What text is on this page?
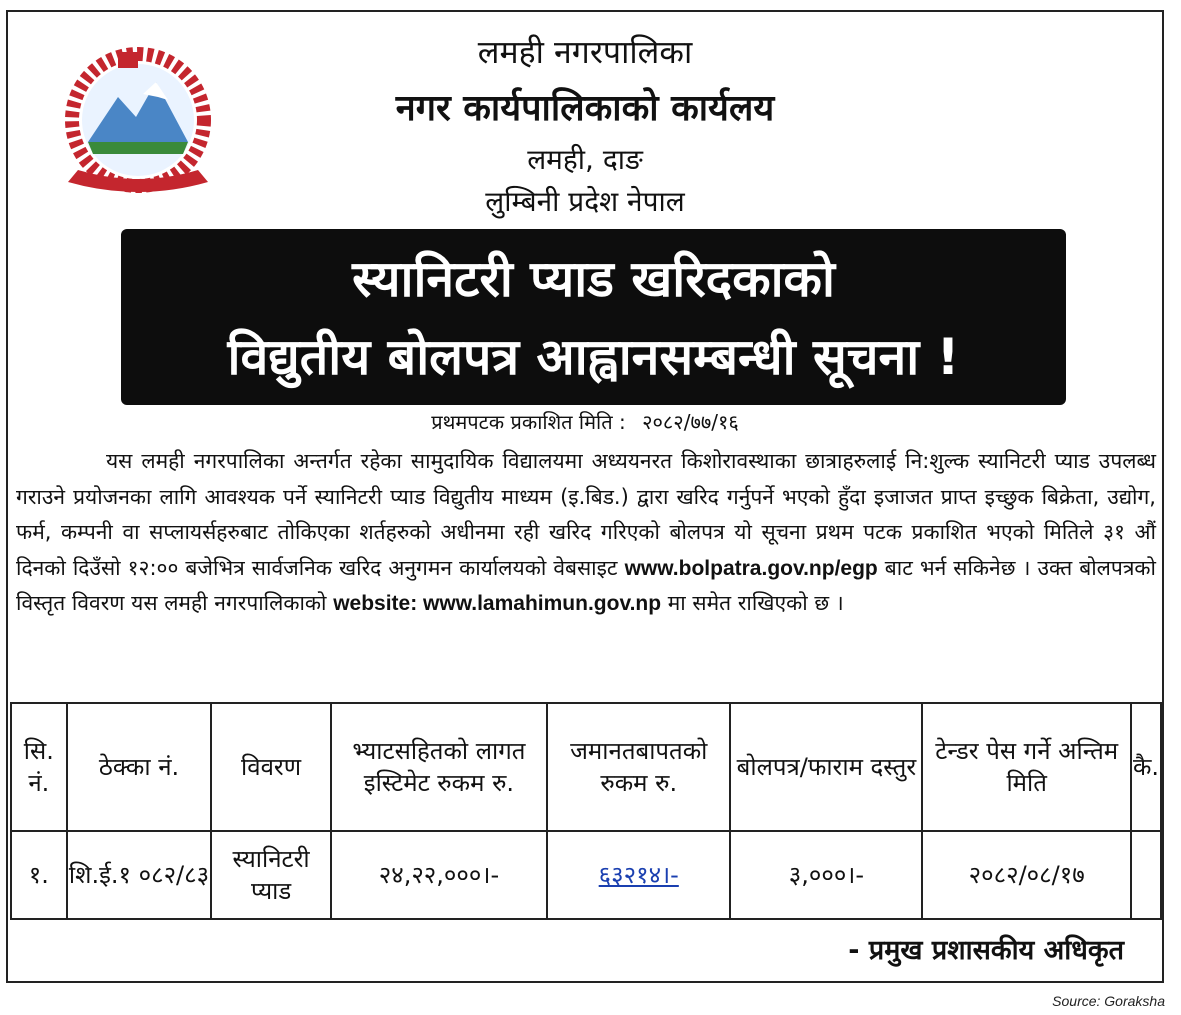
लमही नगरपालिका
नगर कार्यपालिकाको कार्यलय
लमही, दाङ
लुम्बिनी प्रदेश नेपाल
स्यानिटरी प्याड खरिदकाको
विद्युतीय बोलपत्र आह्वानसम्बन्धी सूचना !
प्रथमपटक प्रकाशित मिति : २०८२/७७/१६
यस लमही नगरपालिका अन्तर्गत रहेका सामुदायिक विद्यालयमा अध्ययनरत किशोरावस्थाका छात्राहरुलाई नि:शुल्क स्यानिटरी प्याड उपलब्ध गराउने प्रयोजनका लागि आवश्यक पर्ने स्यानिटरी प्याड विद्युतीय माध्यम (इ.बिड.) द्वारा खरिद गर्नुपर्ने भएको हुँदा इजाजत प्राप्त इच्छुक बिक्रेता, उद्योग, फर्म, कम्पनी वा सप्लायर्सहरुबाट तोकिएका शर्तहरुको अधीनमा रही खरिद गरिएको बोलपत्र यो सूचना प्रथम पटक प्रकाशित भएको मितिले ३१ औं दिनको दिउँसो १२:०० बजेभित्र सार्वजनिक खरिद अनुगमन कार्यालयको वेबसाइट www.bolpatra.gov.np/egp बाट भर्न सकिनेछ । उक्त बोलपत्रको विस्तृत विवरण यस लमही नगरपालिकाको website: www.lamahimun.gov.np मा समेत राखिएको छ ।
सि. नं.	ठेक्का नं.	विवरण	भ्याटसहितको लागत इस्टिमेट रुकम रु.	जमानतबापतको रुकम रु.	बोलपत्र/फाराम दस्तुर	टेन्डर पेस गर्ने अन्तिम मिति	कै.
१.	शि.ई.१ ०८२/८३	स्यानिटरी प्याड	२४,२२,०००।-	६३२१४।-	३,०००।-	२०८२/०८/१७	
- प्रमुख प्रशासकीय अधिकृत
Source: Goraksha
